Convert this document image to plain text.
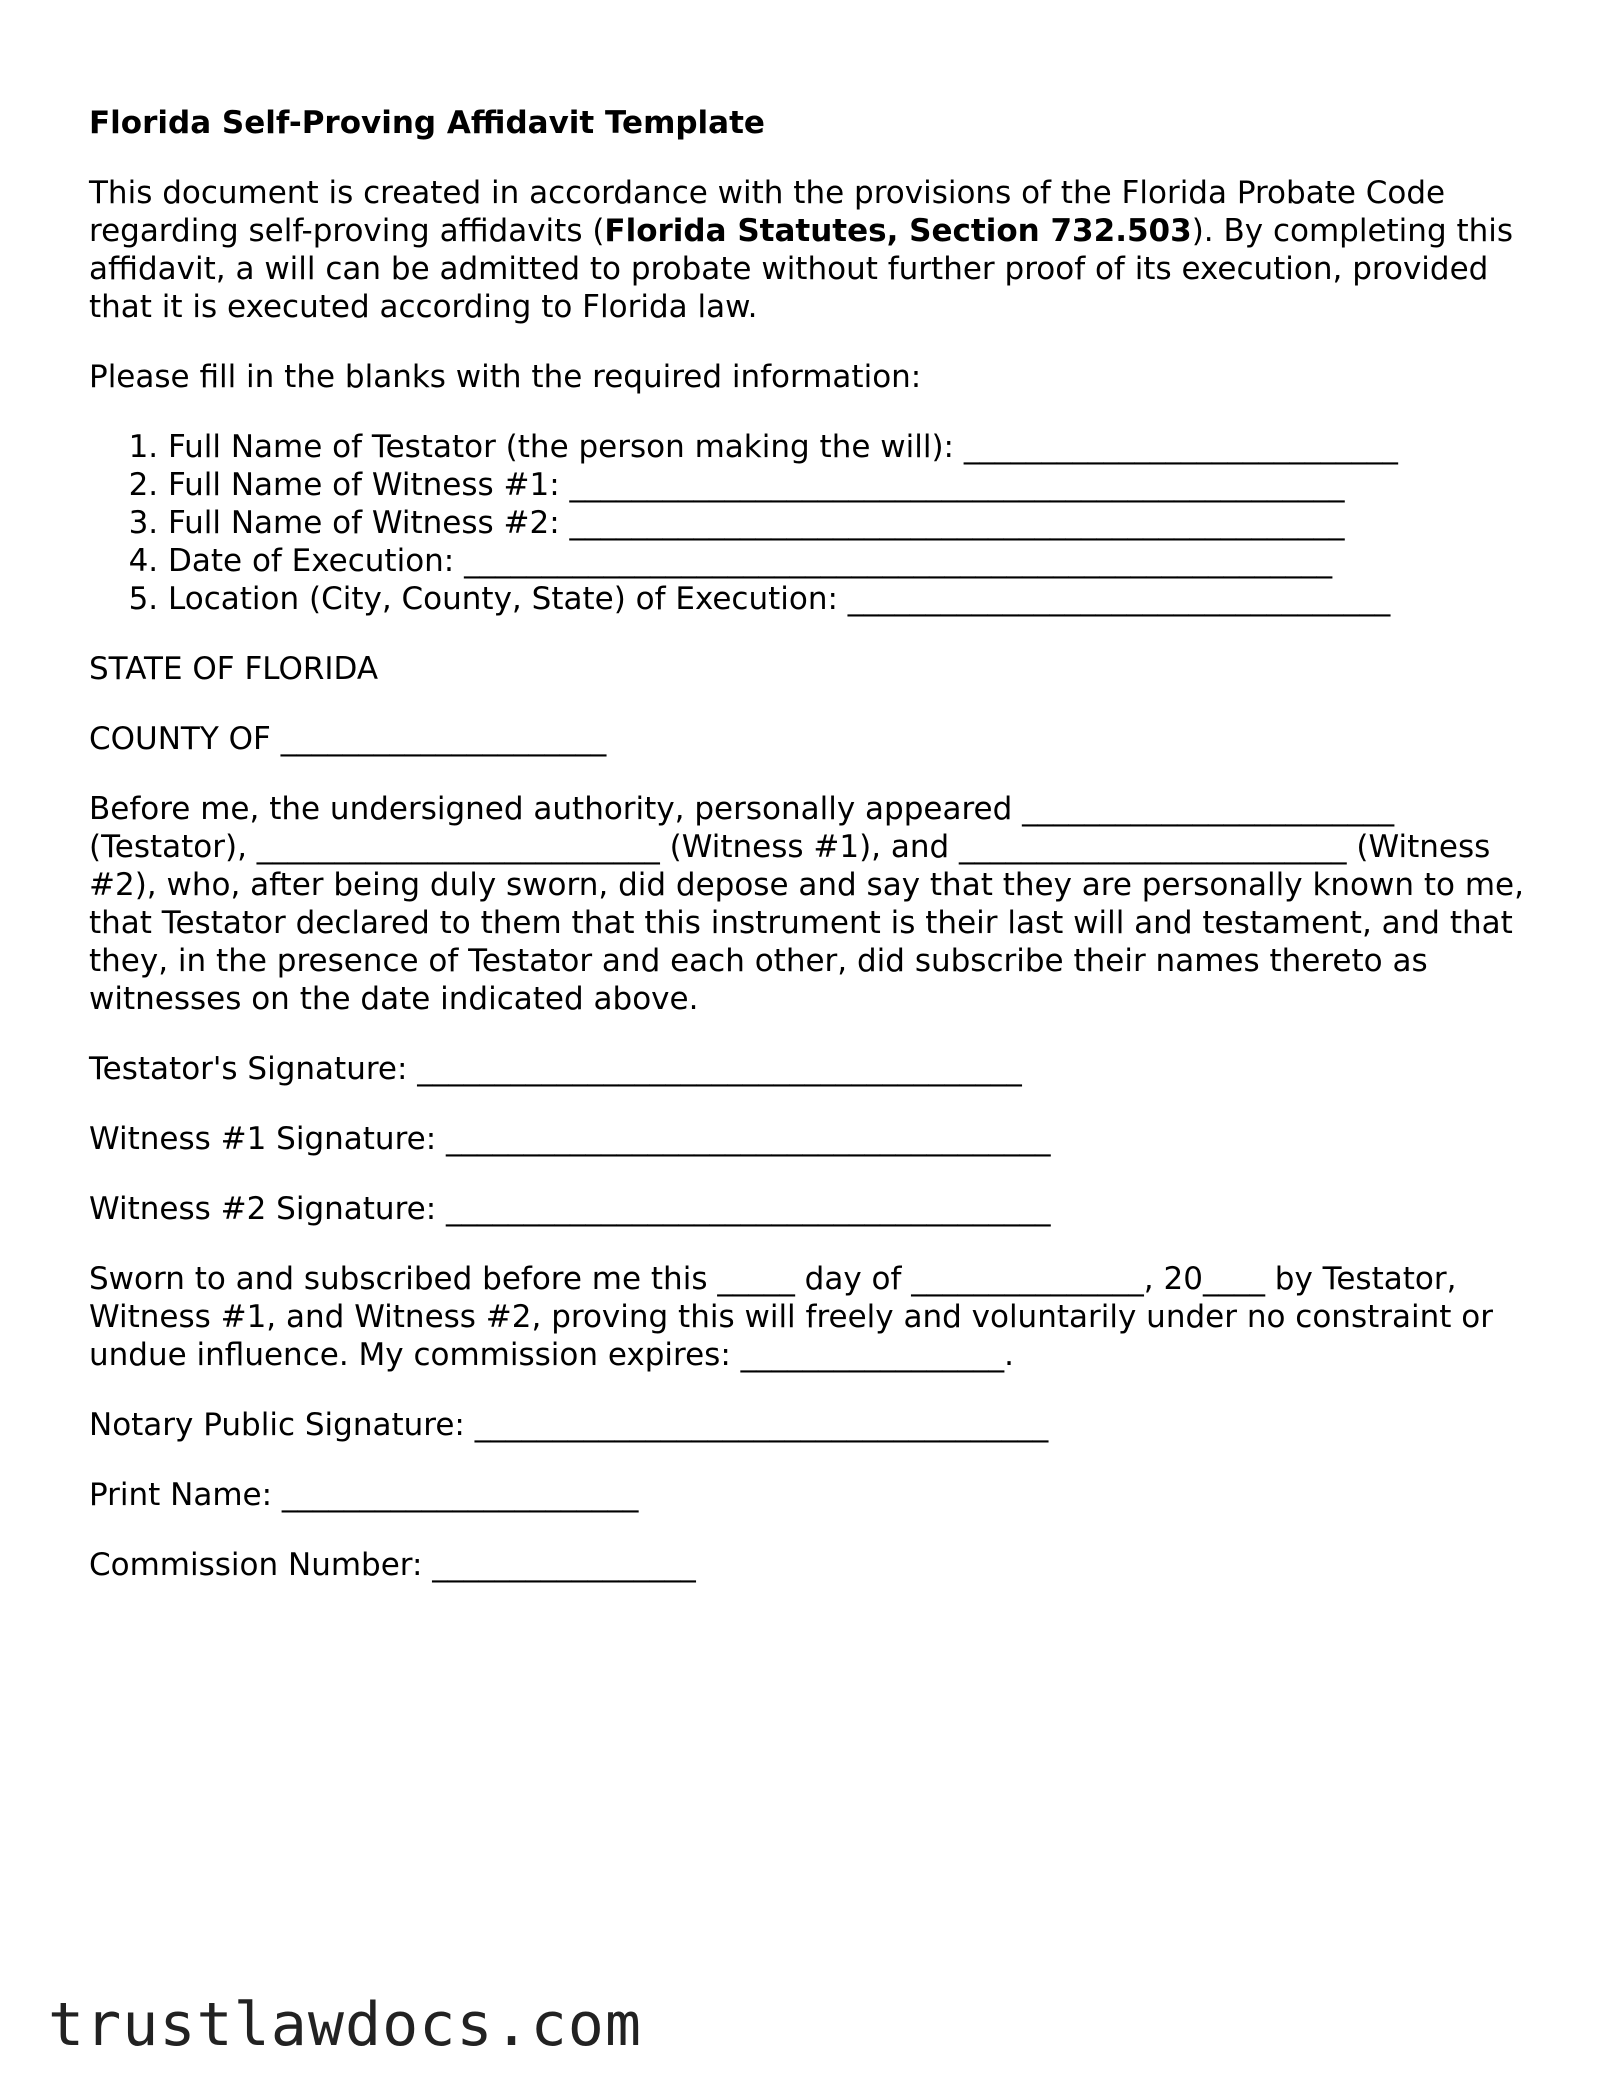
Florida Self-Proving Affidavit Template

This document is created in accordance with the provisions of the Florida Probate Code regarding self-proving affidavits (Florida Statutes, Section 732.503). By completing this affidavit, a will can be admitted to probate without further proof of its execution, provided that it is executed according to Florida law.

Please fill in the blanks with the required information:

1. Full Name of Testator (the person making the will): ____________________________
2. Full Name of Witness #1: __________________________________________________
3. Full Name of Witness #2: __________________________________________________
4. Date of Execution: ________________________________________________________
5. Location (City, County, State) of Execution: ___________________________________

STATE OF FLORIDA

COUNTY OF _____________________

Before me, the undersigned authority, personally appeared ________________________ (Testator), __________________________ (Witness #1), and _________________________ (Witness #2), who, after being duly sworn, did depose and say that they are personally known to me, that Testator declared to them that this instrument is their last will and testament, and that they, in the presence of Testator and each other, did subscribe their names thereto as witnesses on the date indicated above.

Testator's Signature: _______________________________________

Witness #1 Signature: _______________________________________

Witness #2 Signature: _______________________________________

Sworn to and subscribed before me this _____ day of _______________, 20____ by Testator, Witness #1, and Witness #2, proving this will freely and voluntarily under no constraint or undue influence. My commission expires: _________________.

Notary Public Signature: _____________________________________

Print Name: _______________________

Commission Number: _________________

trustlawdocs.com
